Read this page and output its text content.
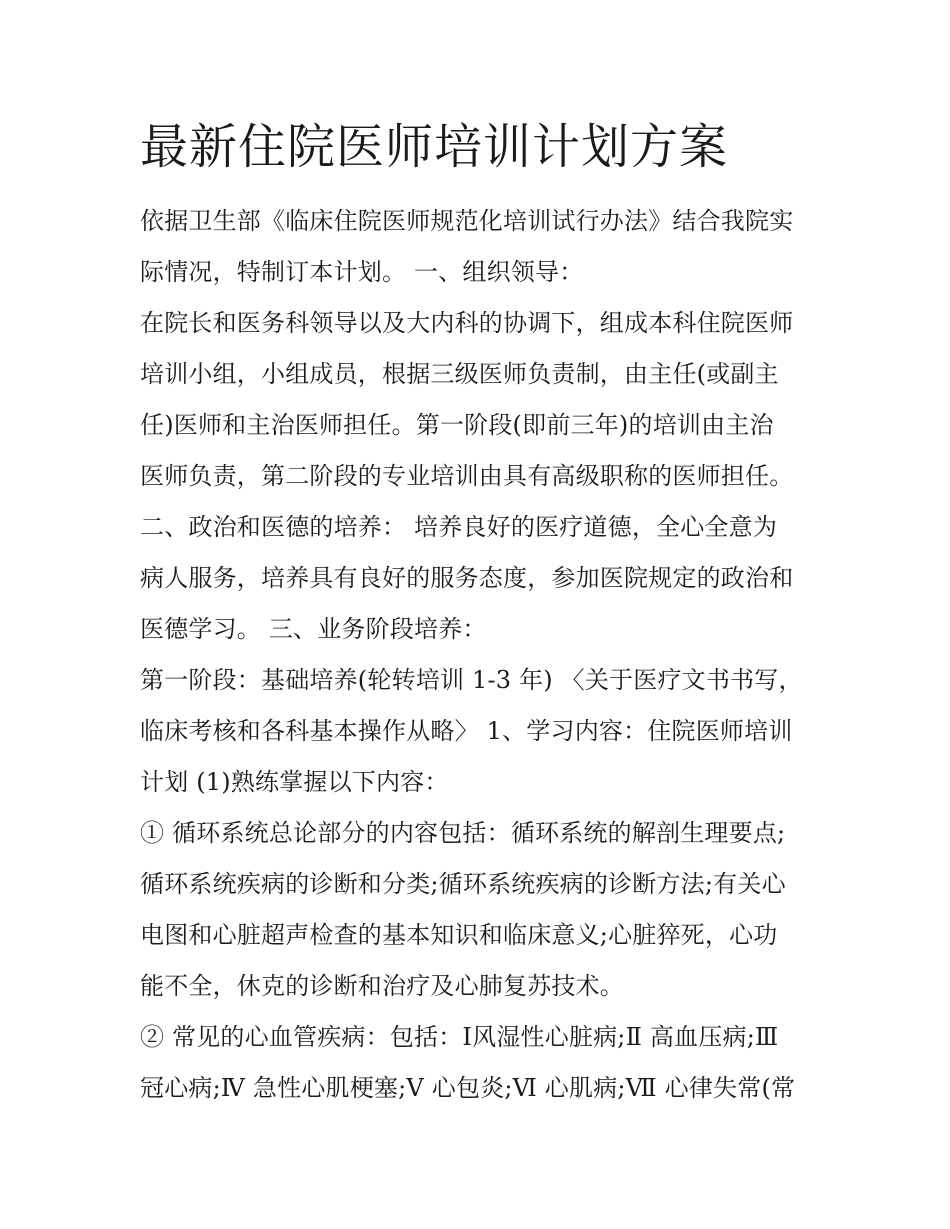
最新住院医师培训计划方案
依据卫生部《临床住院医师规范化培训试行办法》结合我院实
际情况，特制订本计划。 一、组织领导：
在院长和医务科领导以及大内科的协调下，组成本科住院医师
培训小组，小组成员，根据三级医师负责制，由主任(或副主
任)医师和主治医师担任。第一阶段(即前三年)的培训由主治
医师负责，第二阶段的专业培训由具有高级职称的医师担任。
二、政治和医德的培养： 培养良好的医疗道德，全心全意为
病人服务，培养具有良好的服务态度，参加医院规定的政治和
医德学习。 三、业务阶段培养：
第一阶段：基础培养(轮转培训 1-3 年) 〈关于医疗文书书写，
临床考核和各科基本操作从略〉 1、学习内容：住院医师培训
计划 (1)熟练掌握以下内容：
① 循环系统总论部分的内容包括：循环系统的解剖生理要点;
循环系统疾病的诊断和分类;循环系统疾病的诊断方法;有关心
电图和心脏超声检查的基本知识和临床意义;心脏猝死，心功
能不全，休克的诊断和治疗及心肺复苏技术。
② 常见的心血管疾病：包括：Ⅰ风湿性心脏病;Ⅱ 高血压病;Ⅲ
冠心病;Ⅳ 急性心肌梗塞;Ⅴ 心包炎;Ⅵ 心肌病;Ⅶ 心律失常(常
